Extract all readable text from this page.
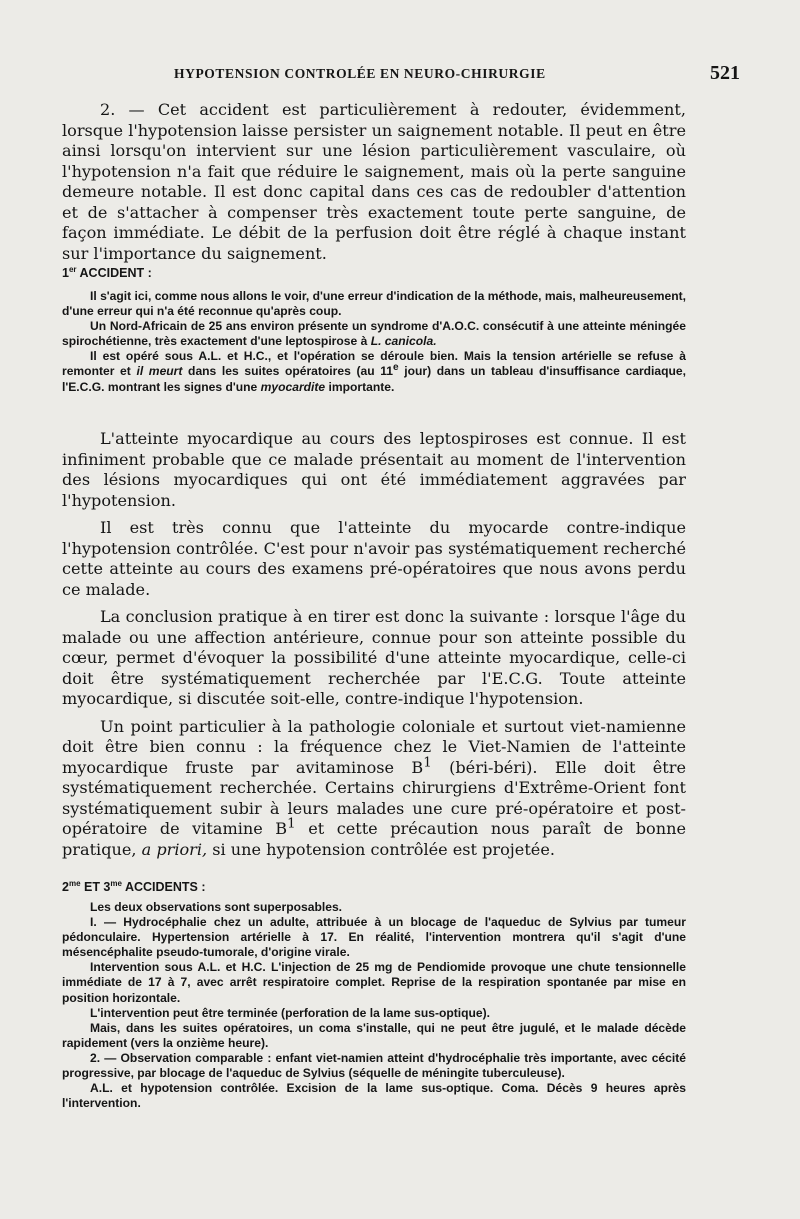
HYPOTENSION CONTROLÉE EN NEURO-CHIRURGIE	521

2. — Cet accident est particulièrement à redouter, évidemment, lorsque l'hypotension laisse persister un saignement notable. Il peut en être ainsi lorsqu'on intervient sur une lésion particulièrement vasculaire, où l'hypotension n'a fait que réduire le saignement, mais où la perte sanguine demeure notable. Il est donc capital dans ces cas de redoubler d'attention et de s'attacher à compenser très exactement toute perte sanguine, de façon immédiate. Le débit de la perfusion doit être réglé à chaque instant sur l'importance du saignement.

1er ACCIDENT :

Il s'agit ici, comme nous allons le voir, d'une erreur d'indication de la méthode, mais, malheureusement, d'une erreur qui n'a été reconnue qu'après coup.

Un Nord-Africain de 25 ans environ présente un syndrome d'A.O.C. consécutif à une atteinte méningée spirochétienne, très exactement d'une leptospirose à L. canicola.

Il est opéré sous A.L. et H.C., et l'opération se déroule bien. Mais la tension artérielle se refuse à remonter et il meurt dans les suites opératoires (au 11e jour) dans un tableau d'insuffisance cardiaque, l'E.C.G. montrant les signes d'une myocardite importante.

L'atteinte myocardique au cours des leptospiroses est connue. Il est infiniment probable que ce malade présentait au moment de l'intervention des lésions myocardiques qui ont été immédiatement aggravées par l'hypotension.

Il est très connu que l'atteinte du myocarde contre-indique l'hypotension contrôlée. C'est pour n'avoir pas systématiquement recherché cette atteinte au cours des examens pré-opératoires que nous avons perdu ce malade.

La conclusion pratique à en tirer est donc la suivante : lorsque l'âge du malade ou une affection antérieure, connue pour son atteinte possible du cœur, permet d'évoquer la possibilité d'une atteinte myocardique, celle-ci doit être systématiquement recherchée par l'E.C.G. Toute atteinte myocardique, si discutée soit-elle, contre-indique l'hypotension.

Un point particulier à la pathologie coloniale et surtout viet-namienne doit être bien connu : la fréquence chez le Viet-Namien de l'atteinte myocardique fruste par avitaminose $B^1$ (béri-béri). Elle doit être systématiquement recherchée. Certains chirurgiens d'Extrême-Orient font systématiquement subir à leurs malades une cure pré-opératoire et post-opératoire de vitamine $B^1$ et cette précaution nous paraît de bonne pratique, a priori, si une hypotension contrôlée est projetée.

$2^{me}$ ET $3^{me}$ ACCIDENTS :

Les deux observations sont superposables.

I. — Hydrocéphalie chez un adulte, attribuée à un blocage de l'aqueduc de Sylvius par tumeur pédonculaire. Hypertension artérielle à 17. En réalité, l'intervention montrera qu'il s'agit d'une mésencéphalite pseudo-tumorale, d'origine virale.

Intervention sous A.L. et H.C. L'injection de 25 mg de Pendiomide provoque une chute tensionnelle immédiate de 17 à 7, avec arrêt respiratoire complet. Reprise de la respiration spontanée par mise en position horizontale.

L'intervention peut être terminée (perforation de la lame sus-optique).

Mais, dans les suites opératoires, un coma s'installe, qui ne peut être jugulé, et le malade décède rapidement (vers la onzième heure).

2. — Observation comparable : enfant viet-namien atteint d'hydrocéphalie très importante, avec cécité progressive, par blocage de l'aqueduc de Sylvius (séquelle de méningite tuberculeuse).

A.L. et hypotension contrôlée. Excision de la lame sus-optique. Coma. Décès 9 heures après l'intervention.
